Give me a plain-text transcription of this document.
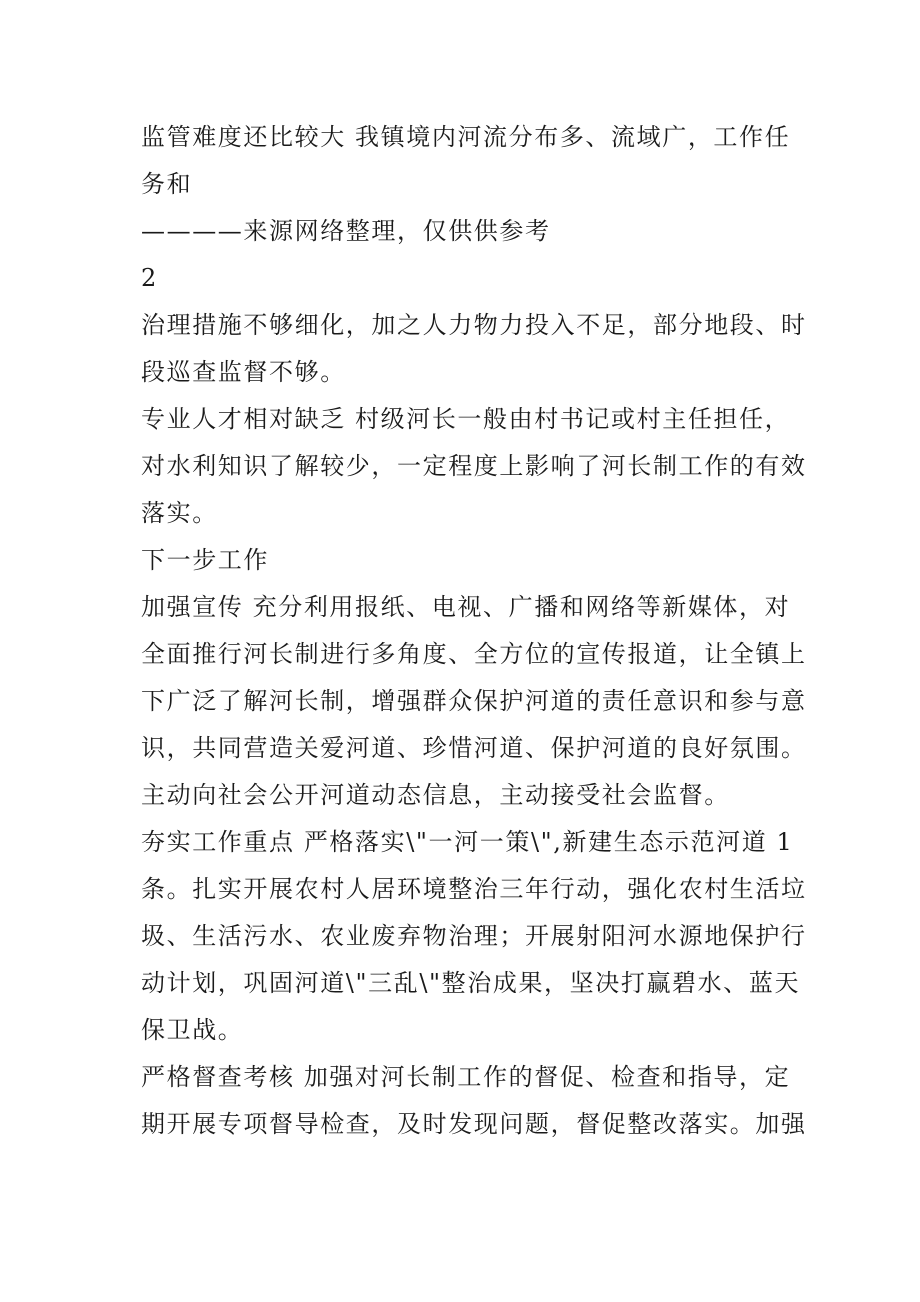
监管难度还比较大 我镇境内河流分布多、流域广，工作任
务和
————来源网络整理，仅供供参考
2
治理措施不够细化，加之人力物力投入不足，部分地段、时
段巡查监督不够。
专业人才相对缺乏 村级河长一般由村书记或村主任担任，
对水利知识了解较少，一定程度上影响了河长制工作的有效
落实。
下一步工作
加强宣传 充分利用报纸、电视、广播和网络等新媒体，对
全面推行河长制进行多角度、全方位的宣传报道，让全镇上
下广泛了解河长制，增强群众保护河道的责任意识和参与意
识，共同营造关爱河道、珍惜河道、保护河道的良好氛围。
主动向社会公开河道动态信息，主动接受社会监督。
夯实工作重点 严格落实\"一河一策\",新建生态示范河道 1
条。扎实开展农村人居环境整治三年行动，强化农村生活垃
圾、生活污水、农业废弃物治理；开展射阳河水源地保护行
动计划，巩固河道\"三乱\"整治成果，坚决打赢碧水、蓝天
保卫战。
严格督查考核 加强对河长制工作的督促、检查和指导，定
期开展专项督导检查，及时发现问题，督促整改落实。加强
